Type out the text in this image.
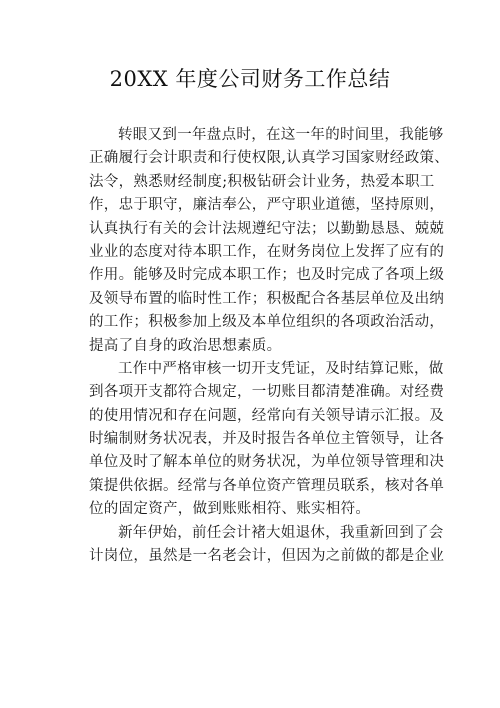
20XX 年度公司财务工作总结
转眼又到一年盘点时，在这一年的时间里，我能够
正确履行会计职责和行使权限,认真学习国家财经政策、
法令，熟悉财经制度;积极钻研会计业务，热爱本职工
作，忠于职守，廉洁奉公，严守职业道德，坚持原则，
认真执行有关的会计法规遵纪守法；以勤勤恳恳、兢兢
业业的态度对待本职工作，在财务岗位上发挥了应有的
作用。能够及时完成本职工作；也及时完成了各项上级
及领导布置的临时性工作；积极配合各基层单位及出纳
的工作；积极参加上级及本单位组织的各项政治活动，
提高了自身的政治思想素质。
工作中严格审核一切开支凭证，及时结算记账，做
到各项开支都符合规定，一切账目都清楚准确。对经费
的使用情况和存在问题，经常向有关领导请示汇报。及
时编制财务状况表，并及时报告各单位主管领导，让各
单位及时了解本单位的财务状况，为单位领导管理和决
策提供依据。经常与各单位资产管理员联系，核对各单
位的固定资产，做到账账相符、账实相符。
新年伊始，前任会计褚大姐退休，我重新回到了会
计岗位，虽然是一名老会计，但因为之前做的都是企业
